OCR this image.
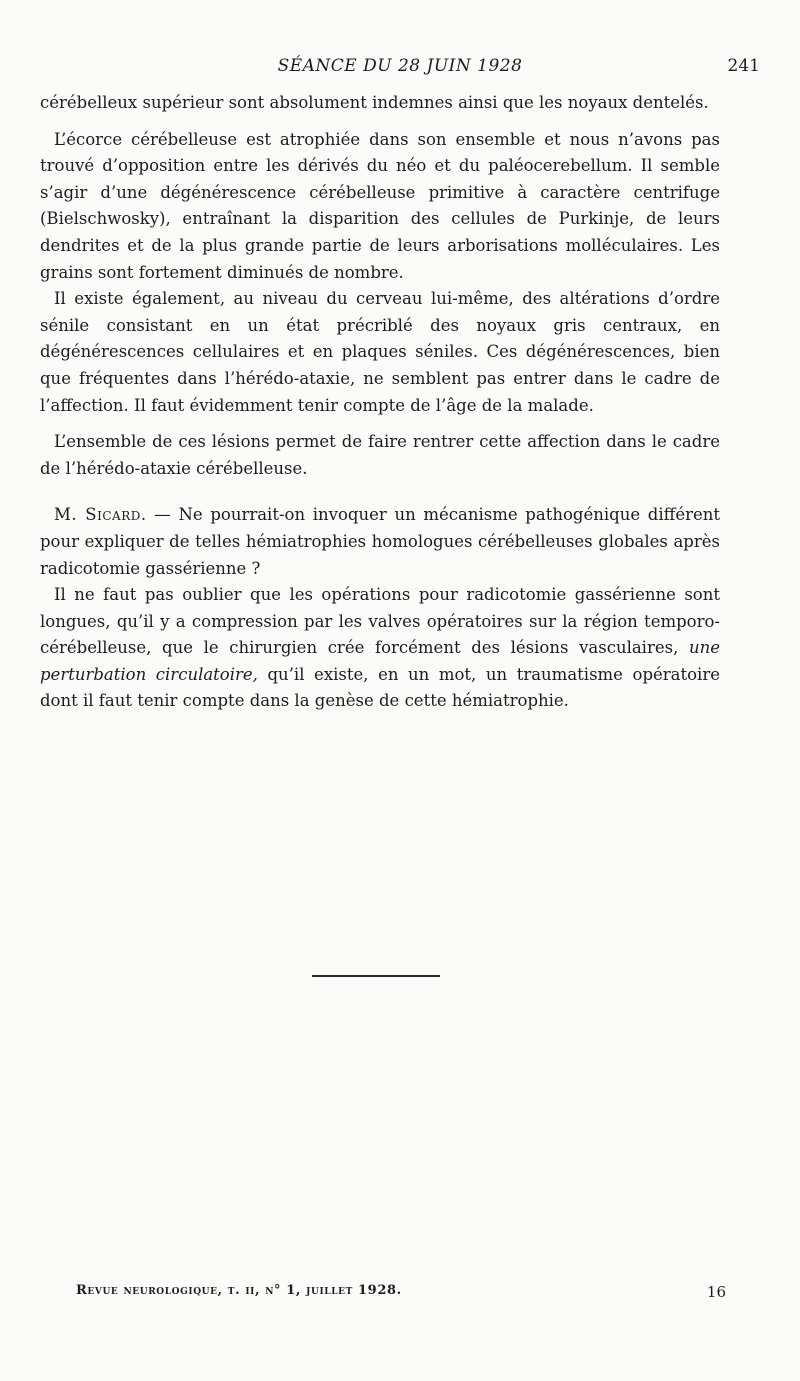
SÉANCE DU 28 JUIN 1928	241

cérébelleux supérieur sont absolument indemnes ainsi que les noyaux dentelés.

L’écorce cérébelleuse est atrophiée dans son ensemble et nous n’avons pas trouvé d’opposition entre les dérivés du néo et du paléocerebellum. Il semble s’agir d’une dégénérescence cérébelleuse primitive à caractère centrifuge (Bielschwosky), entraînant la disparition des cellules de Purkinje, de leurs dendrites et de la plus grande partie de leurs arborisations molléculaires. Les grains sont fortement diminués de nombre.

Il existe également, au niveau du cerveau lui-même, des altérations d’ordre sénile consistant en un état précriblé des noyaux gris centraux, en dégénérescences cellulaires et en plaques séniles. Ces dégénérescences, bien que fréquentes dans l’hérédo-ataxie, ne semblent pas entrer dans le cadre de l’affection. Il faut évidemment tenir compte de l’âge de la malade.

L’ensemble de ces lésions permet de faire rentrer cette affection dans le cadre de l’hérédo-ataxie cérébelleuse.

M. Sicard. — Ne pourrait-on invoquer un mécanisme pathogénique différent pour expliquer de telles hémiatrophies homologues cérébelleuses globales après radicotomie gassérienne ?

Il ne faut pas oublier que les opérations pour radicotomie gassérienne sont longues, qu’il y a compression par les valves opératoires sur la région temporo-cérébelleuse, que le chirurgien crée forcément des lésions vasculaires, une perturbation circulatoire, qu’il existe, en un mot, un traumatisme opératoire dont il faut tenir compte dans la genèse de cette hémiatrophie.

Revue neurologique, t. ii, n° 1, juillet 1928.	16
